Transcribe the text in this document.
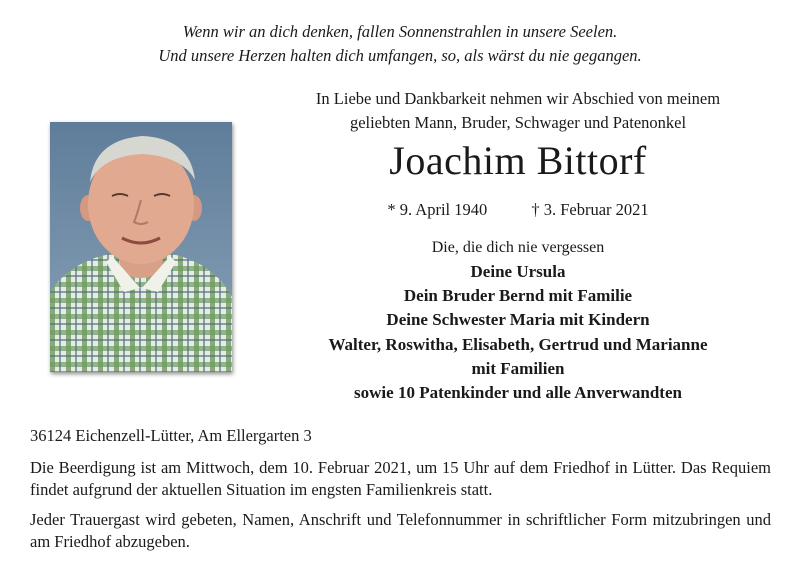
Wenn wir an dich denken, fallen Sonnenstrahlen in unsere Seelen.
Und unsere Herzen halten dich umfangen, so, als wärst du nie gegangen.
In Liebe und Dankbarkeit nehmen wir Abschied von meinem
geliebten Mann, Bruder, Schwager und Patenonkel
Joachim Bittorf
* 9. April 1940	† 3. Februar 2021
Die, die dich nie vergessen
Deine Ursula
Dein Bruder Bernd mit Familie
Deine Schwester Maria mit Kindern
Walter, Roswitha, Elisabeth, Gertrud und Marianne
mit Familien
sowie 10 Patenkinder und alle Anverwandten
36124 Eichenzell-Lütter, Am Ellergarten 3
Die Beerdigung ist am Mittwoch, dem 10. Februar 2021, um 15 Uhr auf dem Friedhof in Lütter. Das Requiem findet aufgrund der aktuellen Situation im engsten Familienkreis statt.
Jeder Trauergast wird gebeten, Namen, Anschrift und Telefonnummer in schriftlicher Form mitzubringen und am Friedhof abzugeben.
